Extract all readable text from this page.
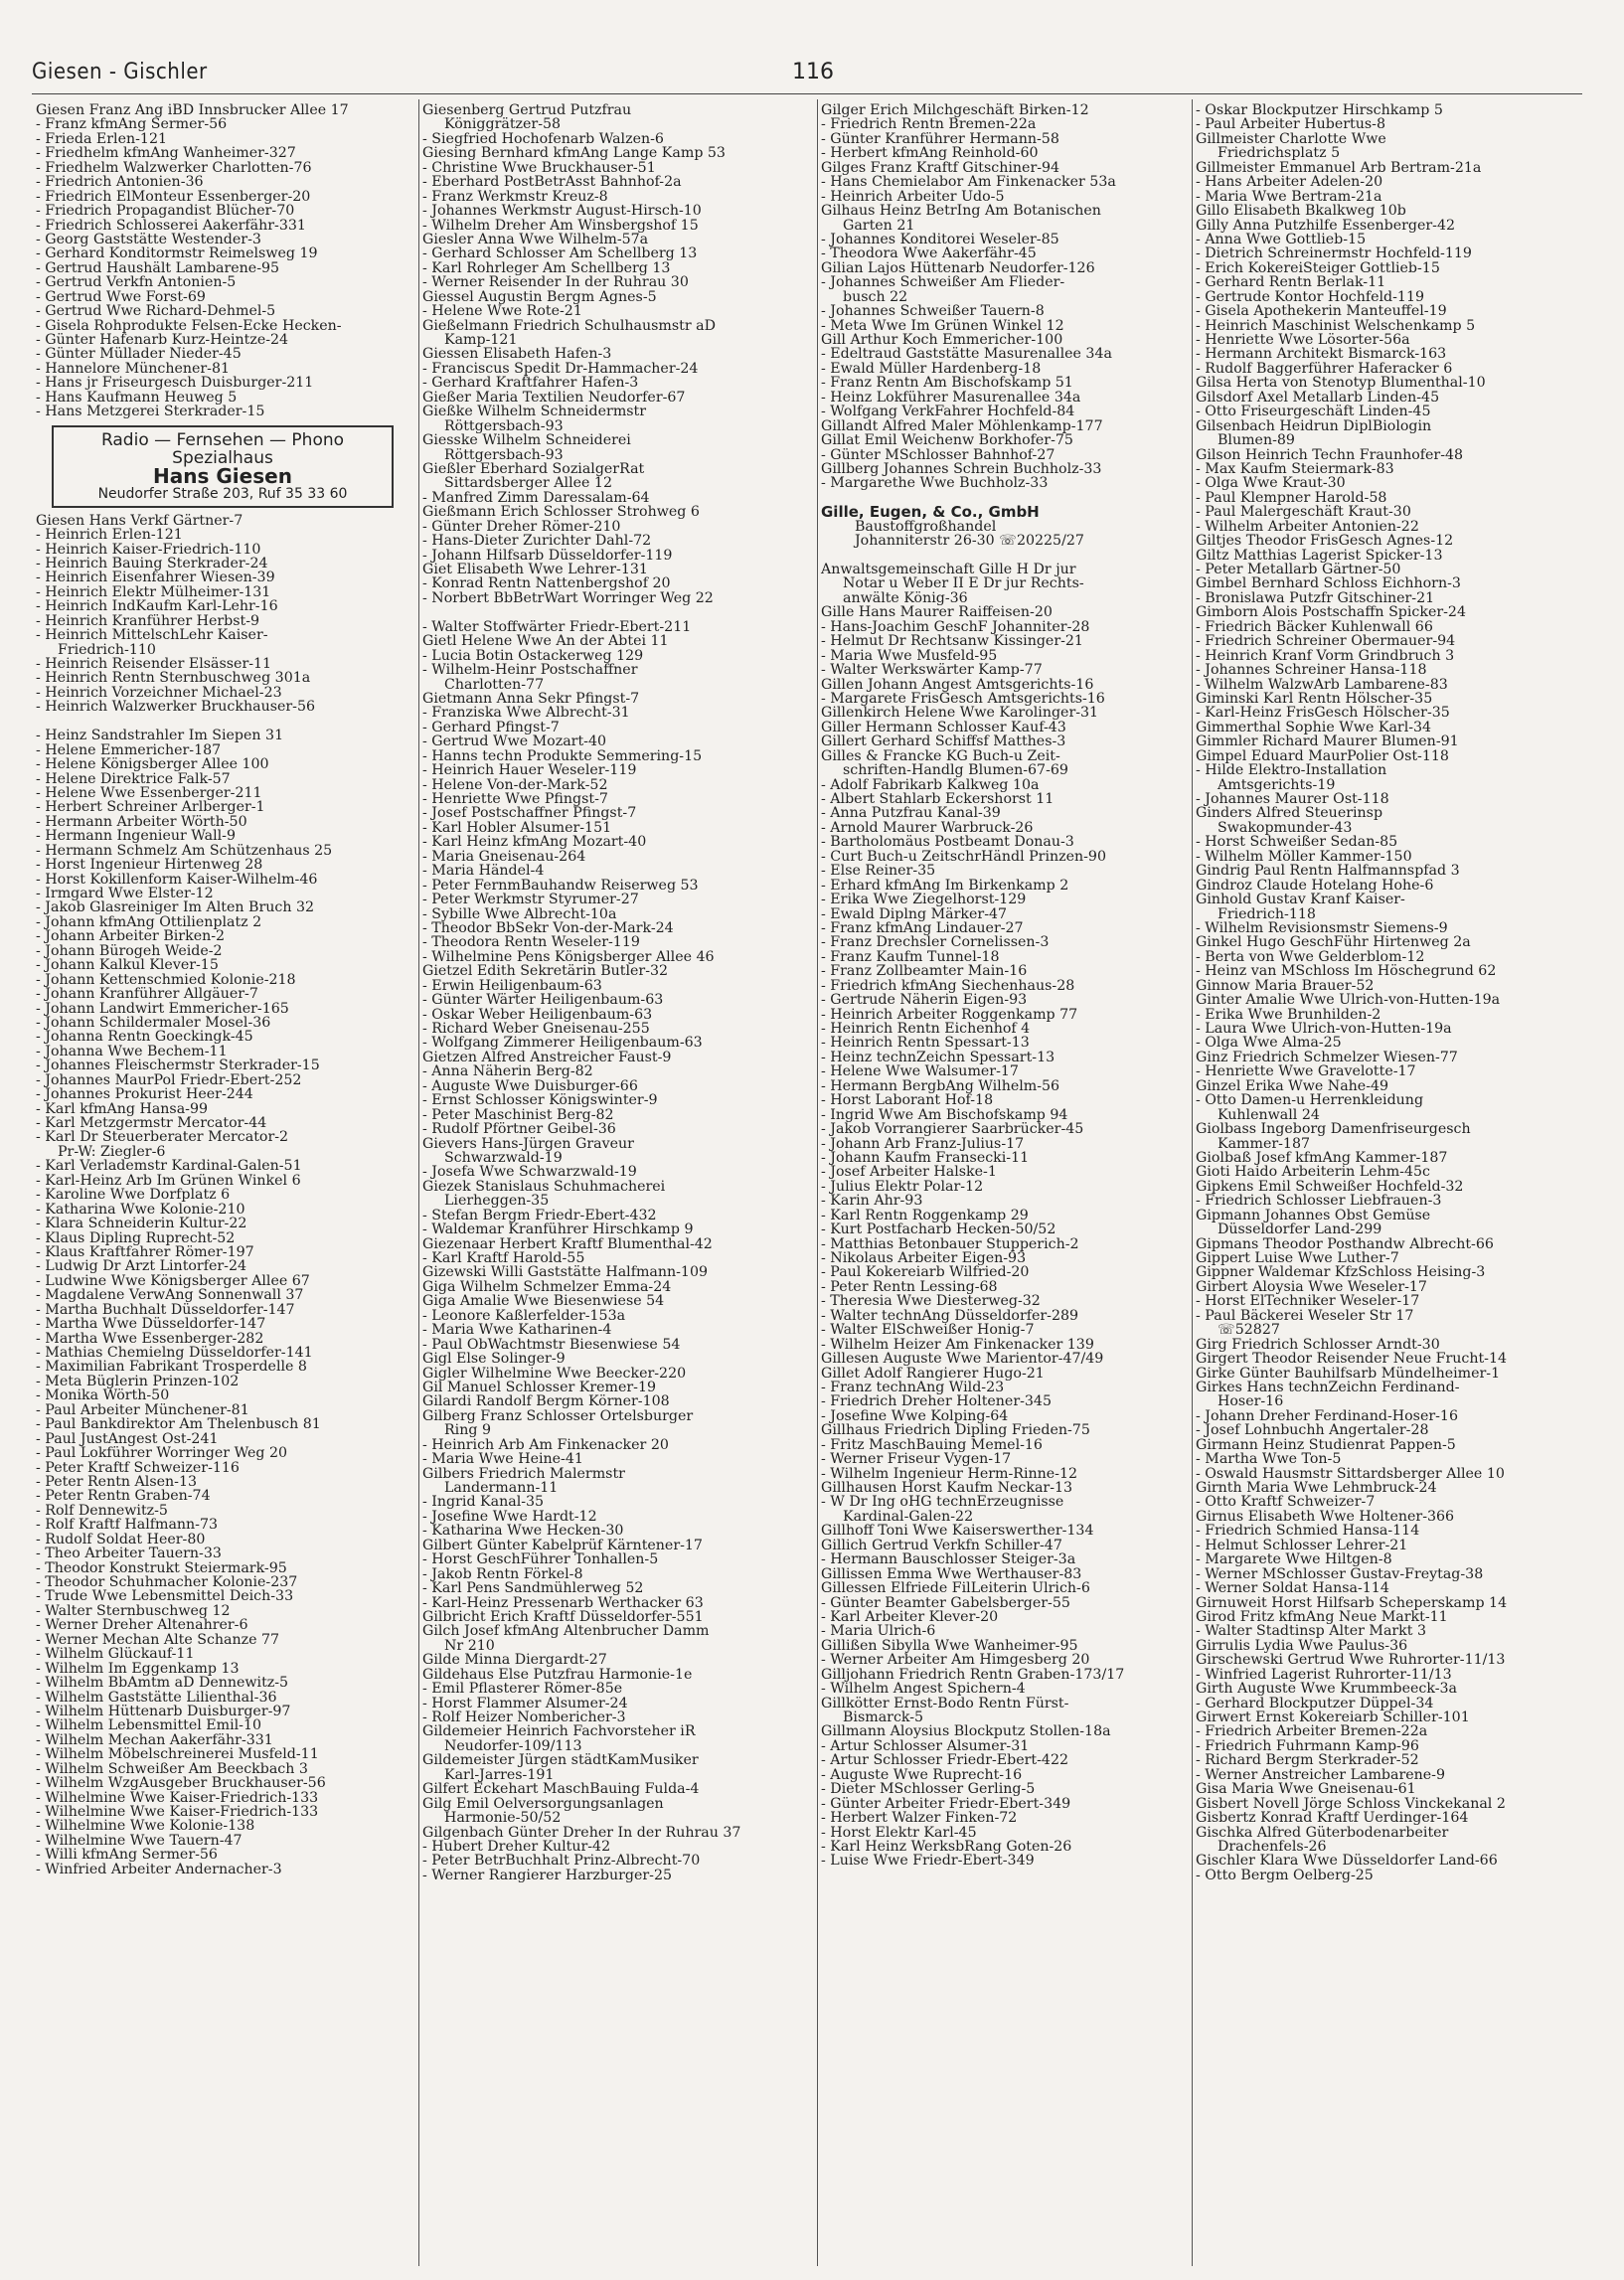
Giesen - Gischler	116
Giesen Franz Ang iBD Innsbrucker Allee 17
- Franz kfmAng Sermer-56
- Frieda Erlen-121
- Friedhelm kfmAng Wanheimer-327
- Friedhelm Walzwerker Charlotten-76
- Friedrich Antonien-36
- Friedrich ElMonteur Essenberger-20
- Friedrich Propagandist Blücher-70
- Friedrich Schlosserei Aakerfähr-331
- Georg Gaststätte Westender-3
- Gerhard Konditormstr Reimelsweg 19
- Gertrud Haushält Lambarene-95
- Gertrud Verkfn Antonien-5
- Gertrud Wwe Forst-69
- Gertrud Wwe Richard-Dehmel-5
- Gisela Rohprodukte Felsen-Ecke Hecken-
- Günter Hafenarb Kurz-Heintze-24
- Günter Müllader Nieder-45
- Hannelore Münchener-81
- Hans jr Friseurgesch Duisburger-211
- Hans Kaufmann Heuweg 5
- Hans Metzgerei Sterkrader-15
Radio — Fernsehen — Phono
Spezialhaus
Hans Giesen
Neudorfer Straße 203, Ruf 35 33 60
Giesen Hans Verkf Gärtner-7
- Heinrich Erlen-121
- Heinrich Kaiser-Friedrich-110
- Heinrich Bauing Sterkrader-24
- Heinrich Eisenfahrer Wiesen-39
- Heinrich Elektr Mülheimer-131
- Heinrich IndKaufm Karl-Lehr-16
- Heinrich Kranführer Herbst-9
- Heinrich MittelschLehr Kaiser-
Friedrich-110
- Heinrich Reisender Elsässer-11
- Heinrich Rentn Sternbuschweg 301a
- Heinrich Vorzeichner Michael-23
- Heinrich Walzwerker Bruckhauser-56
- Heinz Sandstrahler Im Siepen 31
- Helene Emmericher-187
- Helene Königsberger Allee 100
- Helene Direktrice Falk-57
- Helene Wwe Essenberger-211
- Herbert Schreiner Arlberger-1
- Hermann Arbeiter Wörth-50
- Hermann Ingenieur Wall-9
- Hermann Schmelz Am Schützenhaus 25
- Horst Ingenieur Hirtenweg 28
- Horst Kokillenform Kaiser-Wilhelm-46
- Irmgard Wwe Elster-12
- Jakob Glasreiniger Im Alten Bruch 32
- Johann kfmAng Ottilienplatz 2
- Johann Arbeiter Birken-2
- Johann Bürogeh Weide-2
- Johann Kalkul Klever-15
- Johann Kettenschmied Kolonie-218
- Johann Kranführer Allgäuer-7
- Johann Landwirt Emmericher-165
- Johann Schildermaler Mosel-36
- Johanna Rentn Goeckingk-45
- Johanna Wwe Bechem-11
- Johannes Fleischermstr Sterkrader-15
- Johannes MaurPol Friedr-Ebert-252
- Johannes Prokurist Heer-244
- Karl kfmAng Hansa-99
- Karl Metzgermstr Mercator-44
- Karl Dr Steuerberater Mercator-2
Pr-W: Ziegler-6
- Karl Verlademstr Kardinal-Galen-51
- Karl-Heinz Arb Im Grünen Winkel 6
- Karoline Wwe Dorfplatz 6
- Katharina Wwe Kolonie-210
- Klara Schneiderin Kultur-22
- Klaus Dipling Ruprecht-52
- Klaus Kraftfahrer Römer-197
- Ludwig Dr Arzt Lintorfer-24
- Ludwine Wwe Königsberger Allee 67
- Magdalene VerwAng Sonnenwall 37
- Martha Buchhalt Düsseldorfer-147
- Martha Wwe Düsseldorfer-147
- Martha Wwe Essenberger-282
- Mathias Chemielng Düsseldorfer-141
- Maximilian Fabrikant Trosperdelle 8
- Meta Büglerin Prinzen-102
- Monika Wörth-50
- Paul Arbeiter Münchener-81
- Paul Bankdirektor Am Thelenbusch 81
- Paul JustAngest Ost-241
- Paul Lokführer Worringer Weg 20
- Peter Kraftf Schweizer-116
- Peter Rentn Alsen-13
- Peter Rentn Graben-74
- Rolf Dennewitz-5
- Rolf Kraftf Halfmann-73
- Rudolf Soldat Heer-80
- Theo Arbeiter Tauern-33
- Theodor Konstrukt Steiermark-95
- Theodor Schuhmacher Kolonie-237
- Trude Wwe Lebensmittel Deich-33
- Walter Sternbuschweg 12
- Werner Dreher Altenahrer-6
- Werner Mechan Alte Schanze 77
- Wilhelm Glückauf-11
- Wilhelm Im Eggenkamp 13
- Wilhelm BbAmtm aD Dennewitz-5
- Wilhelm Gaststätte Lilienthal-36
- Wilhelm Hüttenarb Duisburger-97
- Wilhelm Lebensmittel Emil-10
- Wilhelm Mechan Aakerfähr-331
- Wilhelm Möbelschreinerei Musfeld-11
- Wilhelm Schweißer Am Beeckbach 3
- Wilhelm WzgAusgeber Bruckhauser-56
- Wilhelmine Wwe Kaiser-Friedrich-133
- Wilhelmine Wwe Kaiser-Friedrich-133
- Wilhelmine Wwe Kolonie-138
- Wilhelmine Wwe Tauern-47
- Willi kfmAng Sermer-56
- Winfried Arbeiter Andernacher-3
Giesenberg Gertrud Putzfrau
Königgrätzer-58
- Siegfried Hochofenarb Walzen-6
Giesing Bernhard kfmAng Lange Kamp 53
- Christine Wwe Bruckhauser-51
- Eberhard PostBetrAsst Bahnhof-2a
- Franz Werkmstr Kreuz-8
- Johannes Werkmstr August-Hirsch-10
- Wilhelm Dreher Am Winsbergshof 15
Giesler Anna Wwe Wilhelm-57a
- Gerhard Schlosser Am Schellberg 13
- Karl Rohrleger Am Schellberg 13
- Werner Reisender In der Ruhrau 30
Giessel Augustin Bergm Agnes-5
- Helene Wwe Rote-21
Gießelmann Friedrich Schulhausmstr aD
Kamp-121
Giessen Elisabeth Hafen-3
- Franciscus Spedit Dr-Hammacher-24
- Gerhard Kraftfahrer Hafen-3
Gießer Maria Textilien Neudorfer-67
Gießke Wilhelm Schneidermstr
Röttgersbach-93
Giesske Wilhelm Schneiderei
Röttgersbach-93
Gießler Eberhard SozialgerRat
Sittardsberger Allee 12
- Manfred Zimm Daressalam-64
Gießmann Erich Schlosser Strohweg 6
- Günter Dreher Römer-210
- Hans-Dieter Zurichter Dahl-72
- Johann Hilfsarb Düsseldorfer-119
Giet Elisabeth Wwe Lehrer-131
- Konrad Rentn Nattenbergshof 20
- Norbert BbBetrWart Worringer Weg 22
- Walter Stoffwärter Friedr-Ebert-211
Gietl Helene Wwe An der Abtei 11
- Lucia Botin Ostackerweg 129
- Wilhelm-Heinr Postschaffner
Charlotten-77
Gietmann Anna Sekr Pfingst-7
- Franziska Wwe Albrecht-31
- Gerhard Pfingst-7
- Gertrud Wwe Mozart-40
- Hanns techn Produkte Semmering-15
- Heinrich Hauer Weseler-119
- Helene Von-der-Mark-52
- Henriette Wwe Pfingst-7
- Josef Postschaffner Pfingst-7
- Karl Hobler Alsumer-151
- Karl Heinz kfmAng Mozart-40
- Maria Gneisenau-264
- Maria Händel-4
- Peter FernmBauhandw Reiserweg 53
- Peter Werkmstr Styrumer-27
- Sybille Wwe Albrecht-10a
- Theodor BbSekr Von-der-Mark-24
- Theodora Rentn Weseler-119
- Wilhelmine Pens Königsberger Allee 46
Gietzel Edith Sekretärin Butler-32
- Erwin Heiligenbaum-63
- Günter Wärter Heiligenbaum-63
- Oskar Weber Heiligenbaum-63
- Richard Weber Gneisenau-255
- Wolfgang Zimmerer Heiligenbaum-63
Gietzen Alfred Anstreicher Faust-9
- Anna Näherin Berg-82
- Auguste Wwe Duisburger-66
- Ernst Schlosser Königswinter-9
- Peter Maschinist Berg-82
- Rudolf Pförtner Geibel-36
Gievers Hans-Jürgen Graveur
Schwarzwald-19
- Josefa Wwe Schwarzwald-19
Giezek Stanislaus Schuhmacherei
Lierheggen-35
- Stefan Bergm Friedr-Ebert-432
- Waldemar Kranführer Hirschkamp 9
Giezenaar Herbert Kraftf Blumenthal-42
- Karl Kraftf Harold-55
Gizewski Willi Gaststätte Halfmann-109
Giga Wilhelm Schmelzer Emma-24
Giga Amalie Wwe Biesenwiese 54
- Leonore Kaßlerfelder-153a
- Maria Wwe Katharinen-4
- Paul ObWachtmstr Biesenwiese 54
Gigl Else Solinger-9
Gigler Wilhelmine Wwe Beecker-220
Gil Manuel Schlosser Kremer-19
Gilardi Randolf Bergm Körner-108
Gilberg Franz Schlosser Ortelsburger
Ring 9
- Heinrich Arb Am Finkenacker 20
- Maria Wwe Heine-41
Gilbers Friedrich Malermstr
Landermann-11
- Ingrid Kanal-35
- Josefine Wwe Hardt-12
- Katharina Wwe Hecken-30
Gilbert Günter Kabelprüf Kärntener-17
- Horst GeschFührer Tonhallen-5
- Jakob Rentn Förkel-8
- Karl Pens Sandmühlerweg 52
- Karl-Heinz Pressenarb Werthacker 63
Gilbricht Erich Kraftf Düsseldorfer-551
Gilch Josef kfmAng Altenbrucher Damm
Nr 210
Gilde Minna Diergardt-27
Gildehaus Else Putzfrau Harmonie-1e
- Emil Pflasterer Römer-85e
- Horst Flammer Alsumer-24
- Rolf Heizer Nombericher-3
Gildemeier Heinrich Fachvorsteher iR
Neudorfer-109/113
Gildemeister Jürgen städtKamMusiker
Karl-Jarres-191
Gilfert Eckehart MaschBauing Fulda-4
Gilg Emil Oelversorgungsanlagen
Harmonie-50/52
Gilgenbach Günter Dreher In der Ruhrau 37
- Hubert Dreher Kultur-42
- Peter BetrBuchhalt Prinz-Albrecht-70
- Werner Rangierer Harzburger-25
Gilger Erich Milchgeschäft Birken-12
- Friedrich Rentn Bremen-22a
- Günter Kranführer Hermann-58
- Herbert kfmAng Reinhold-60
Gilges Franz Kraftf Gitschiner-94
- Hans Chemielabor Am Finkenacker 53a
- Heinrich Arbeiter Udo-5
Gilhaus Heinz BetrIng Am Botanischen
Garten 21
- Johannes Konditorei Weseler-85
- Theodora Wwe Aakerfähr-45
Gilian Lajos Hüttenarb Neudorfer-126
- Johannes Schweißer Am Flieder-
busch 22
- Johannes Schweißer Tauern-8
- Meta Wwe Im Grünen Winkel 12
Gill Arthur Koch Emmericher-100
- Edeltraud Gaststätte Masurenallee 34a
- Ewald Müller Hardenberg-18
- Franz Rentn Am Bischofskamp 51
- Heinz Lokführer Masurenallee 34a
- Wolfgang VerkFahrer Hochfeld-84
Gillandt Alfred Maler Möhlenkamp-177
Gillat Emil Weichenw Borkhofer-75
- Günter MSchlosser Bahnhof-27
Gillberg Johannes Schrein Buchholz-33
- Margarethe Wwe Buchholz-33
Gille, Eugen, & Co., GmbH
Baustoffgroßhandel
Johanniterstr 26-30 ☏20225/27
Anwaltsgemeinschaft Gille H Dr jur
Notar u Weber II E Dr jur Rechts-
anwälte König-36
Gille Hans Maurer Raiffeisen-20
- Hans-Joachim GeschF Johanniter-28
- Helmut Dr Rechtsanw Kissinger-21
- Maria Wwe Musfeld-95
- Walter Werkswärter Kamp-77
Gillen Johann Angest Amtsgerichts-16
- Margarete FrisGesch Amtsgerichts-16
Gillenkirch Helene Wwe Karolinger-31
Giller Hermann Schlosser Kauf-43
Gillert Gerhard Schiffsf Matthes-3
Gilles & Francke KG Buch-u Zeit-
schriften-Handlg Blumen-67-69
- Adolf Fabrikarb Kalkweg 10a
- Albert Stahlarb Eckershorst 11
- Anna Putzfrau Kanal-39
- Arnold Maurer Warbruck-26
- Bartholomäus Postbeamt Donau-3
- Curt Buch-u ZeitschrHändl Prinzen-90
- Else Reiner-35
- Erhard kfmAng Im Birkenkamp 2
- Erika Wwe Ziegelhorst-129
- Ewald Diplng Märker-47
- Franz kfmAng Lindauer-27
- Franz Drechsler Cornelissen-3
- Franz Kaufm Tunnel-18
- Franz Zollbeamter Main-16
- Friedrich kfmAng Siechenhaus-28
- Gertrude Näherin Eigen-93
- Heinrich Arbeiter Roggenkamp 77
- Heinrich Rentn Eichenhof 4
- Heinrich Rentn Spessart-13
- Heinz technZeichn Spessart-13
- Helene Wwe Walsumer-17
- Hermann BergbAng Wilhelm-56
- Horst Laborant Hof-18
- Ingrid Wwe Am Bischofskamp 94
- Jakob Vorrangierer Saarbrücker-45
- Johann Arb Franz-Julius-17
- Johann Kaufm Fransecki-11
- Josef Arbeiter Halske-1
- Julius Elektr Polar-12
- Karin Ahr-93
- Karl Rentn Roggenkamp 29
- Kurt Postfacharb Hecken-50/52
- Matthias Betonbauer Stupperich-2
- Nikolaus Arbeiter Eigen-93
- Paul Kokereiarb Wilfried-20
- Peter Rentn Lessing-68
- Theresia Wwe Diesterweg-32
- Walter technAng Düsseldorfer-289
- Walter ElSchweißer Honig-7
- Wilhelm Heizer Am Finkenacker 139
Gillesen Auguste Wwe Marientor-47/49
Gillet Adolf Rangierer Hugo-21
- Franz technAng Wild-23
- Friedrich Dreher Holtener-345
- Josefine Wwe Kolping-64
Gillhaus Friedrich Dipling Frieden-75
- Fritz MaschBauing Memel-16
- Werner Friseur Vygen-17
- Wilhelm Ingenieur Herm-Rinne-12
Gillhausen Horst Kaufm Neckar-13
- W Dr Ing oHG technErzeugnisse
Kardinal-Galen-22
Gillhoff Toni Wwe Kaiserswerther-134
Gillich Gertrud Verkfn Schiller-47
- Hermann Bauschlosser Steiger-3a
Gillissen Emma Wwe Werthauser-83
Gillessen Elfriede FilLeiterin Ulrich-6
- Günter Beamter Gabelsberger-55
- Karl Arbeiter Klever-20
- Maria Ulrich-6
Gillißen Sibylla Wwe Wanheimer-95
- Werner Arbeiter Am Himgesberg 20
Gilljohann Friedrich Rentn Graben-173/17
- Wilhelm Angest Spichern-4
Gillkötter Ernst-Bodo Rentn Fürst-
Bismarck-5
Gillmann Aloysius Blockputz Stollen-18a
- Artur Schlosser Alsumer-31
- Artur Schlosser Friedr-Ebert-422
- Auguste Wwe Ruprecht-16
- Dieter MSchlosser Gerling-5
- Günter Arbeiter Friedr-Ebert-349
- Herbert Walzer Finken-72
- Horst Elektr Karl-45
- Karl Heinz WerksbRang Goten-26
- Luise Wwe Friedr-Ebert-349
- Oskar Blockputzer Hirschkamp 5
- Paul Arbeiter Hubertus-8
Gillmeister Charlotte Wwe
Friedrichsplatz 5
Gillmeister Emmanuel Arb Bertram-21a
- Hans Arbeiter Adelen-20
- Maria Wwe Bertram-21a
Gillo Elisabeth Bkalkweg 10b
Gilly Anna Putzhilfe Essenberger-42
- Anna Wwe Gottlieb-15
- Dietrich Schreinermstr Hochfeld-119
- Erich KokereiSteiger Gottlieb-15
- Gerhard Rentn Berlak-11
- Gertrude Kontor Hochfeld-119
- Gisela Apothekerin Manteuffel-19
- Heinrich Maschinist Welschenkamp 5
- Henriette Wwe Lösorter-56a
- Hermann Architekt Bismarck-163
- Rudolf Baggerführer Haferacker 6
Gilsa Herta von Stenotyp Blumenthal-10
Gilsdorf Axel Metallarb Linden-45
- Otto Friseurgeschäft Linden-45
Gilsenbach Heidrun DiplBiologin
Blumen-89
Gilson Heinrich Techn Fraunhofer-48
- Max Kaufm Steiermark-83
- Olga Wwe Kraut-30
- Paul Klempner Harold-58
- Paul Malergeschäft Kraut-30
- Wilhelm Arbeiter Antonien-22
Giltjes Theodor FrisGesch Agnes-12
Giltz Matthias Lagerist Spicker-13
- Peter Metallarb Gärtner-50
Gimbel Bernhard Schloss Eichhorn-3
- Bronislawa Putzfr Gitschiner-21
Gimborn Alois Postschaffn Spicker-24
- Friedrich Bäcker Kuhlenwall 66
- Friedrich Schreiner Obermauer-94
- Heinrich Kranf Vorm Grindbruch 3
- Johannes Schreiner Hansa-118
- Wilhelm WalzwArb Lambarene-83
Giminski Karl Rentn Hölscher-35
- Karl-Heinz FrisGesch Hölscher-35
Gimmerthal Sophie Wwe Karl-34
Gimmler Richard Maurer Blumen-91
Gimpel Eduard MaurPolier Ost-118
- Hilde Elektro-Installation
Amtsgerichts-19
- Johannes Maurer Ost-118
Ginders Alfred Steuerinsp
Swakopmunder-43
- Horst Schweißer Sedan-85
- Wilhelm Möller Kammer-150
Gindrig Paul Rentn Halfmannspfad 3
Gindroz Claude Hotelang Hohe-6
Ginhold Gustav Kranf Kaiser-
Friedrich-118
- Wilhelm Revisionsmstr Siemens-9
Ginkel Hugo GeschFühr Hirtenweg 2a
- Berta von Wwe Gelderblom-12
- Heinz van MSchloss Im Höschegrund 62
Ginnow Maria Brauer-52
Ginter Amalie Wwe Ulrich-von-Hutten-19a
- Erika Wwe Brunhilden-2
- Laura Wwe Ulrich-von-Hutten-19a
- Olga Wwe Alma-25
Ginz Friedrich Schmelzer Wiesen-77
- Henriette Wwe Gravelotte-17
Ginzel Erika Wwe Nahe-49
- Otto Damen-u Herrenkleidung
Kuhlenwall 24
Giolbass Ingeborg Damenfriseurgesch
Kammer-187
Giolbaß Josef kfmAng Kammer-187
Gioti Haido Arbeiterin Lehm-45c
Gipkens Emil Schweißer Hochfeld-32
- Friedrich Schlosser Liebfrauen-3
Gipmann Johannes Obst Gemüse
Düsseldorfer Land-299
Gipmans Theodor Posthandw Albrecht-66
Gippert Luise Wwe Luther-7
Gippner Waldemar KfzSchloss Heising-3
Girbert Aloysia Wwe Weseler-17
- Horst ElTechniker Weseler-17
- Paul Bäckerei Weseler Str 17
☏52827
Girg Friedrich Schlosser Arndt-30
Girgert Theodor Reisender Neue Frucht-14
Girke Günter Bauhilfsarb Mündelheimer-1
Girkes Hans technZeichn Ferdinand-
Hoser-16
- Johann Dreher Ferdinand-Hoser-16
- Josef Lohnbuchh Angertaler-28
Girmann Heinz Studienrat Pappen-5
- Martha Wwe Ton-5
- Oswald Hausmstr Sittardsberger Allee 10
Girnth Maria Wwe Lehmbruck-24
- Otto Kraftf Schweizer-7
Girnus Elisabeth Wwe Holtener-366
- Friedrich Schmied Hansa-114
- Helmut Schlosser Lehrer-21
- Margarete Wwe Hiltgen-8
- Werner MSchlosser Gustav-Freytag-38
- Werner Soldat Hansa-114
Girnuweit Horst Hilfsarb Scheperskamp 14
Girod Fritz kfmAng Neue Markt-11
- Walter Stadtinsp Alter Markt 3
Girrulis Lydia Wwe Paulus-36
Girschewski Gertrud Wwe Ruhrorter-11/13
- Winfried Lagerist Ruhrorter-11/13
Girth Auguste Wwe Krummbeeck-3a
- Gerhard Blockputzer Düppel-34
Girwert Ernst Kokereiarb Schiller-101
- Friedrich Arbeiter Bremen-22a
- Friedrich Fuhrmann Kamp-96
- Richard Bergm Sterkrader-52
- Werner Anstreicher Lambarene-9
Gisa Maria Wwe Gneisenau-61
Gisbert Novell Jörge Schloss Vinckekanal 2
Gisbertz Konrad Kraftf Uerdinger-164
Gischka Alfred Güterbodenarbeiter
Drachenfels-26
Gischler Klara Wwe Düsseldorfer Land-66
- Otto Bergm Oelberg-25
